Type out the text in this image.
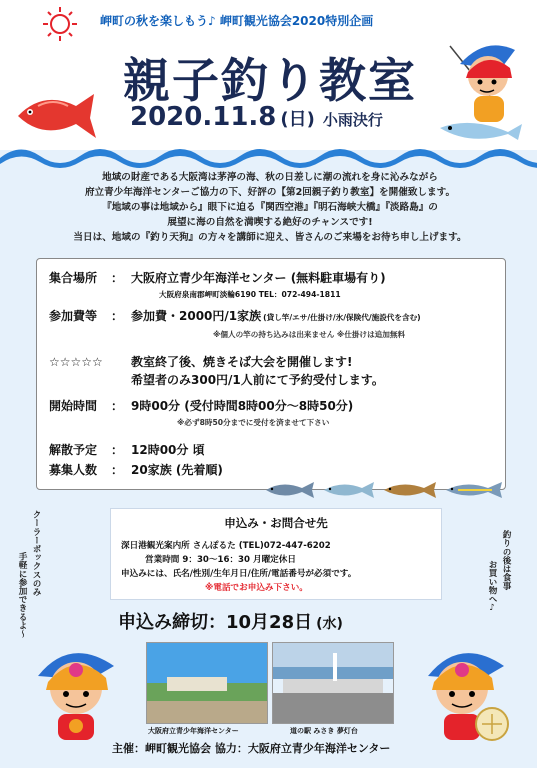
岬町の秋を楽しもう♪ 岬町観光協会2020特別企画
親子釣り教室
2020.11.8 (日) 小雨決行
地域の財産である大阪湾は茅渟の海、秋の日差しに潮の流れを身に沁みながら
府立青少年海洋センターご協力の下、好評の【第2回親子釣り教室】を開催致します。
『地域の事は地域から』眼下に迫る『関西空港』『明石海峡大橋』『淡路島』の
展望に海の自然を満喫する絶好のチャンスです!
当日は、地域の『釣り天狗』の方々を講師に迎え、皆さんのご来場をお待ち申し上げます。
集合場所 ： 大阪府立青少年海洋センター (無料駐車場有り)
大阪府泉南郡岬町淡輪6190 TEL：072-494-1811
参加費等 ： 参加費・2000円/1家族 (貸し竿/エサ/仕掛け/氷/保険代/施設代を含む)
※個人の竿の持ち込みは出来ません ※仕掛けは追加無料
☆☆☆☆☆ 教室終了後、焼きそば大会を開催します!
希望者のみ300円/1人前にて予約受付します。
開始時間 ： 9時00分 (受付時間8時00分～8時50分)
※必ず8時50分までに受付を済ませて下さい
解散予定 ： 12時00分 頃
募集人数 ： 20家族 (先着順)
申込み・お問合せ先
深日港観光案内所 さんぽるた (TEL)072-447-6202
営業時間 9：30～16：30 月曜定休日
申込みには、氏名/性別/生年月日/住所/電話番号が必須です。
※電話でお申込み下さい。
クーラーボックスのみ
手軽に参加できるよ～	釣りの後は食事
お買い物へ♪
申込み締切：10月28日 (水)
大阪府立青少年海洋センター	道の駅 みさき 夢灯台
主催：岬町観光協会 協力：大阪府立青少年海洋センター
